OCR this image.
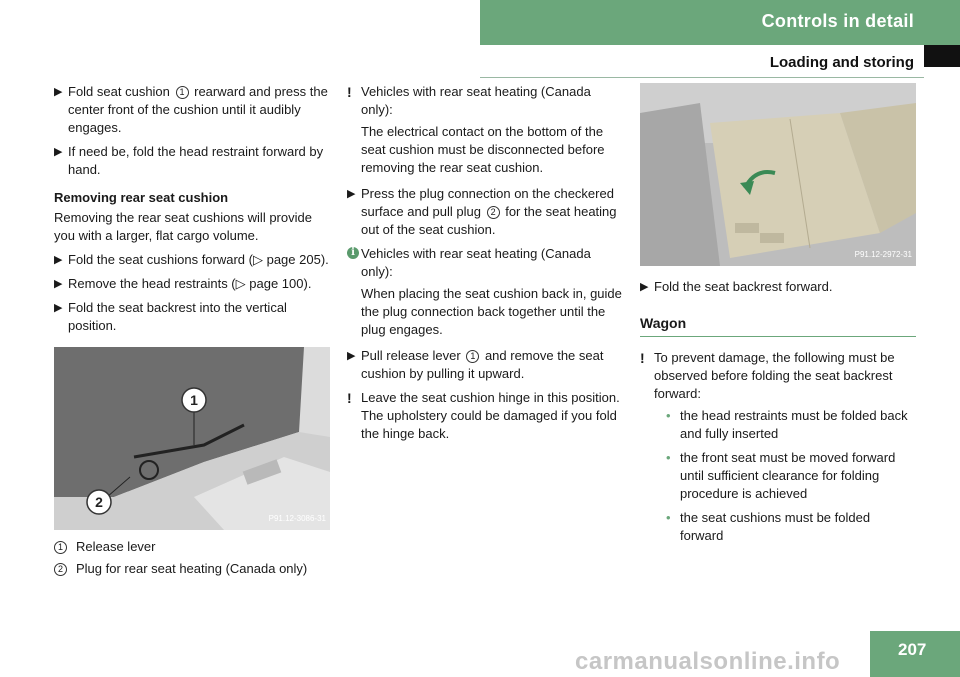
Controls in detail
Loading and storing
▶ Fold seat cushion 1 rearward and press the center front of the cushion until it audibly engages.
▶ If need be, fold the head restraint forward by hand.
Removing rear seat cushion
Removing the rear seat cushions will provide you with a larger, flat cargo volume.
▶ Fold the seat cushions forward (▷ page 205).
▶ Remove the head restraints (▷ page 100).
▶ Fold the seat backrest into the vertical position.
1
2
P91.12-3086-31
1	Release lever
2	Plug for rear seat heating (Canada only)
! Vehicles with rear seat heating (Canada only):
The electrical contact on the bottom of the seat cushion must be disconnected before removing the rear seat cushion.
▶ Press the plug connection on the checkered surface and pull plug 2 for the seat heating out of the seat cushion.
i Vehicles with rear seat heating (Canada only):
When placing the seat cushion back in, guide the plug connection back together until the plug engages.
▶ Pull release lever 1 and remove the seat cushion by pulling it upward.
! Leave the seat cushion hinge in this position. The upholstery could be damaged if you fold the hinge back.
P91.12-2972-31
▶ Fold the seat backrest forward.
Wagon
! To prevent damage, the following must be observed before folding the seat backrest forward:
• the head restraints must be folded back and fully inserted
• the front seat must be moved forward until sufficient clearance for folding procedure is achieved
• the seat cushions must be folded forward
carmanualsonline.info	207
